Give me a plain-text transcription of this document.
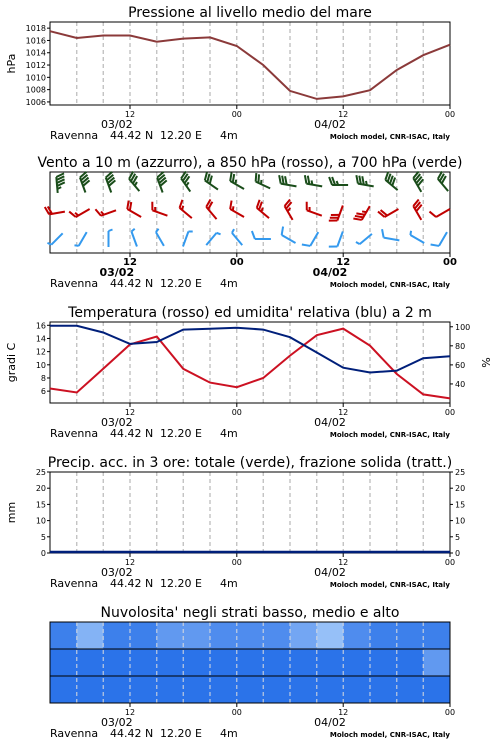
Pressione al livello medio del mare
12	00	12	00
03/02	04/02
Ravenna 44.42 N 12.20 E 4m	Moloch model, CNR-ISAC, Italy
1006
1008
1010
1012
1014
1016
1018
hPa
Vento a 10 m (azzurro), a 850 hPa (rosso), a 700 hPa (verde)
12	00	12	00
03/02	04/02
Ravenna 44.42 N 12.20 E 4m	Moloch model, CNR-ISAC, Italy
Temperatura (rosso) ed umidita' relativa (blu) a 2 m
12	00	12	00
03/02	04/02
Ravenna 44.42 N 12.20 E 4m	Moloch model, CNR-ISAC, Italy
6
8
10
12
14
16
40
60
80
100
gradi C	%
Precip. acc. in 3 ore: totale (verde), frazione solida (tratt.)
12	00	12	00
03/02	04/02
Ravenna 44.42 N 12.20 E 4m	Moloch model, CNR-ISAC, Italy
0
5
10
15
20
25
0
5
10
15
20
25
mm
Nuvolosita' negli strati basso, medio e alto
12	00	12	00
03/02	04/02
Ravenna 44.42 N 12.20 E 4m	Moloch model, CNR-ISAC, Italy
